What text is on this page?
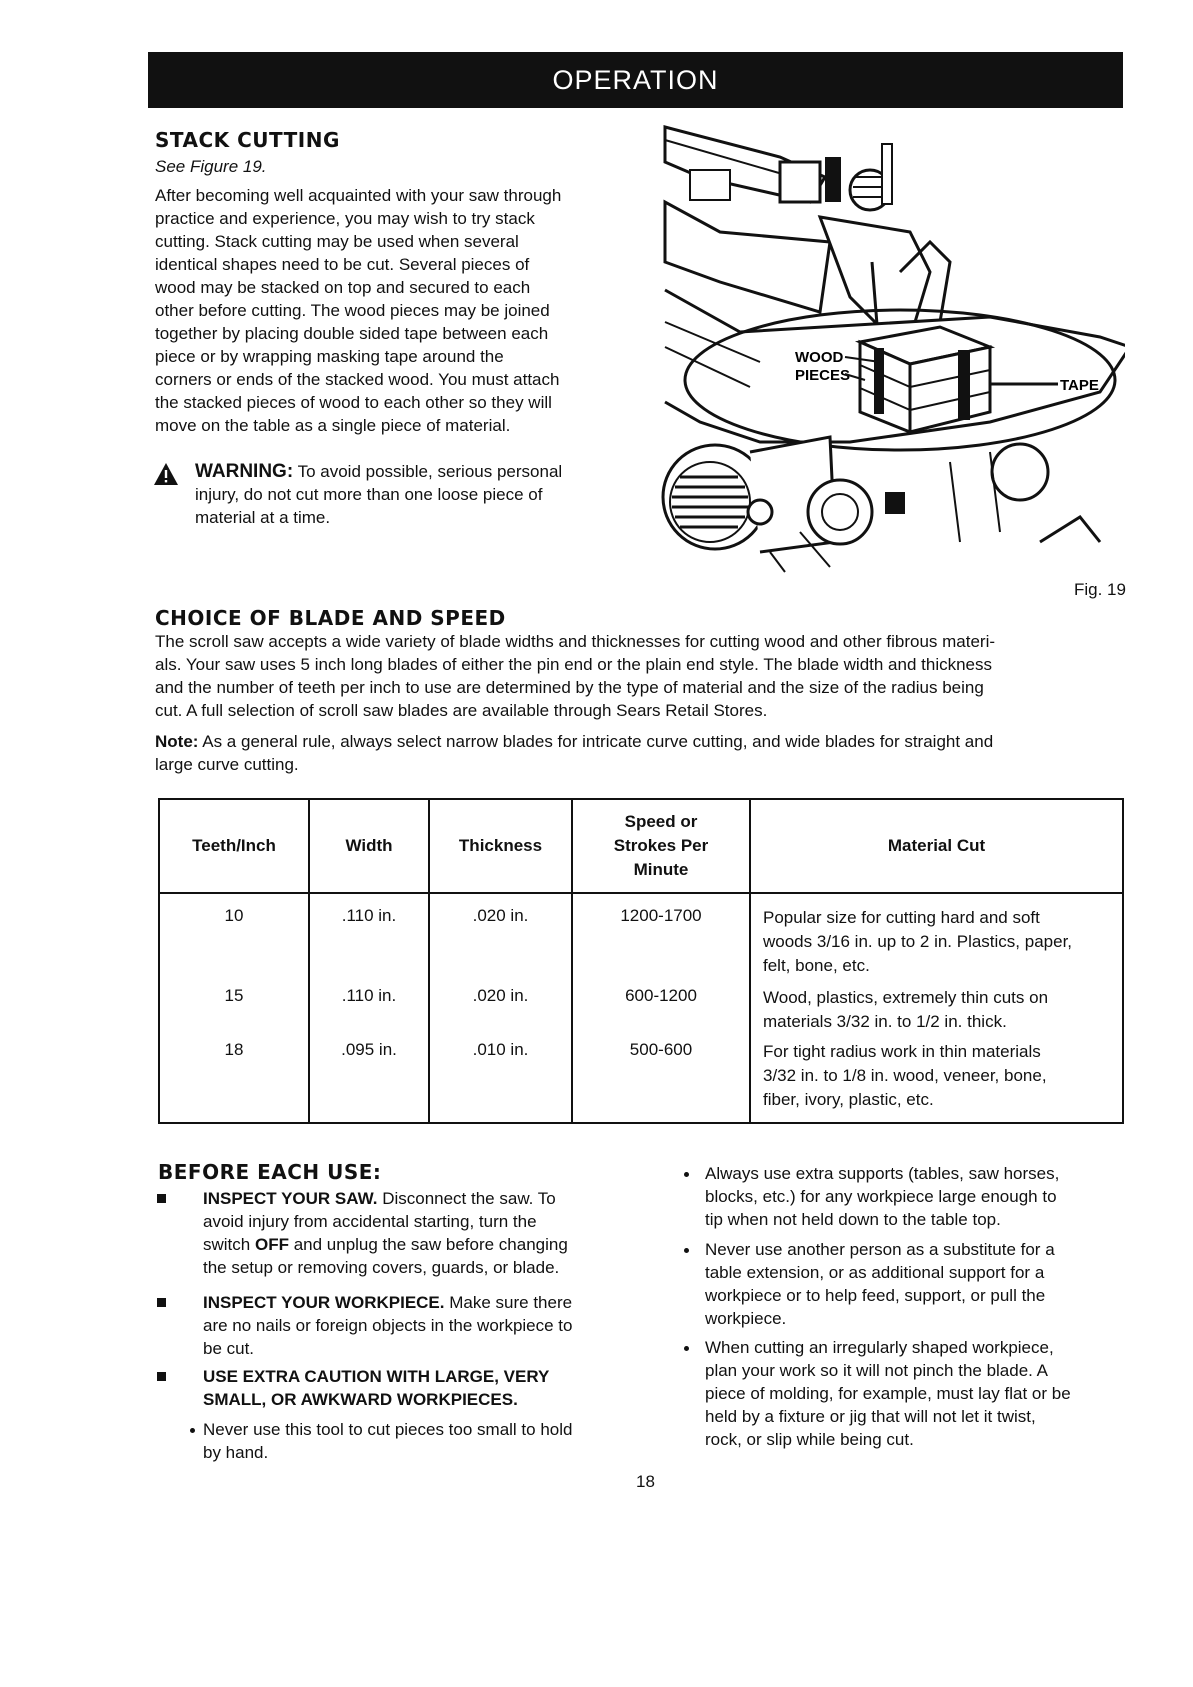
OPERATION
STACK CUTTING
See Figure 19.
After becoming well acquainted with your saw through
practice and experience, you may wish to try stack
cutting. Stack cutting may be used when several
identical shapes need to be cut. Several pieces of
wood may be stacked on top and secured to each
other before cutting. The wood pieces may be joined
together by placing double sided tape between each
piece or by wrapping masking tape around the
corners or ends of the stacked wood. You must attach
the stacked pieces of wood to each other so they will
move on the table as a single piece of material.
WARNING: To avoid possible, serious personal
injury, do not cut more than one loose piece of
material at a time.
WOOD
PIECES
TAPE
Fig. 19
CHOICE OF BLADE AND SPEED
The scroll saw accepts a wide variety of blade widths and thicknesses for cutting wood and other fibrous materi-
als. Your saw uses 5 inch long blades of either the pin end or the plain end style. The blade width and thickness
and the number of teeth per inch to use are determined by the type of material and the size of the radius being
cut. A full selection of scroll saw blades are available through Sears Retail Stores.
Note: As a general rule, always select narrow blades for intricate curve cutting, and wide blades for straight and
large curve cutting.
Teeth/Inch	Width	Thickness	Speed or
Strokes Per
Minute	Material Cut
10	.110 in.	.020 in.	1200-1700	Popular size for cutting hard and soft
woods 3/16 in. up to 2 in. Plastics, paper,
felt, bone, etc.

15	.110 in.	.020 in.	600-1200	Wood, plastics, extremely thin cuts on
materials 3/32 in. to 1/2 in. thick.

18	.095 in.	.010 in.	500-600	For tight radius work in thin materials
3/32 in. to 1/8 in. wood, veneer, bone,
fiber, ivory, plastic, etc.
BEFORE EACH USE:
INSPECT YOUR SAW. Disconnect the saw. To
avoid injury from accidental starting, turn the
switch OFF and unplug the saw before changing
the setup or removing covers, guards, or blade.
INSPECT YOUR WORKPIECE. Make sure there
are no nails or foreign objects in the workpiece to
be cut.
USE EXTRA CAUTION WITH LARGE, VERY
SMALL, OR AWKWARD WORKPIECES.
Never use this tool to cut pieces too small to hold
by hand.
Always use extra supports (tables, saw horses,
blocks, etc.) for any workpiece large enough to
tip when not held down to the table top.
Never use another person as a substitute for a
table extension, or as additional support for a
workpiece or to help feed, support, or pull the
workpiece.
When cutting an irregularly shaped workpiece,
plan your work so it will not pinch the blade. A
piece of molding, for example, must lay flat or be
held by a fixture or jig that will not let it twist,
rock, or slip while being cut.
18
